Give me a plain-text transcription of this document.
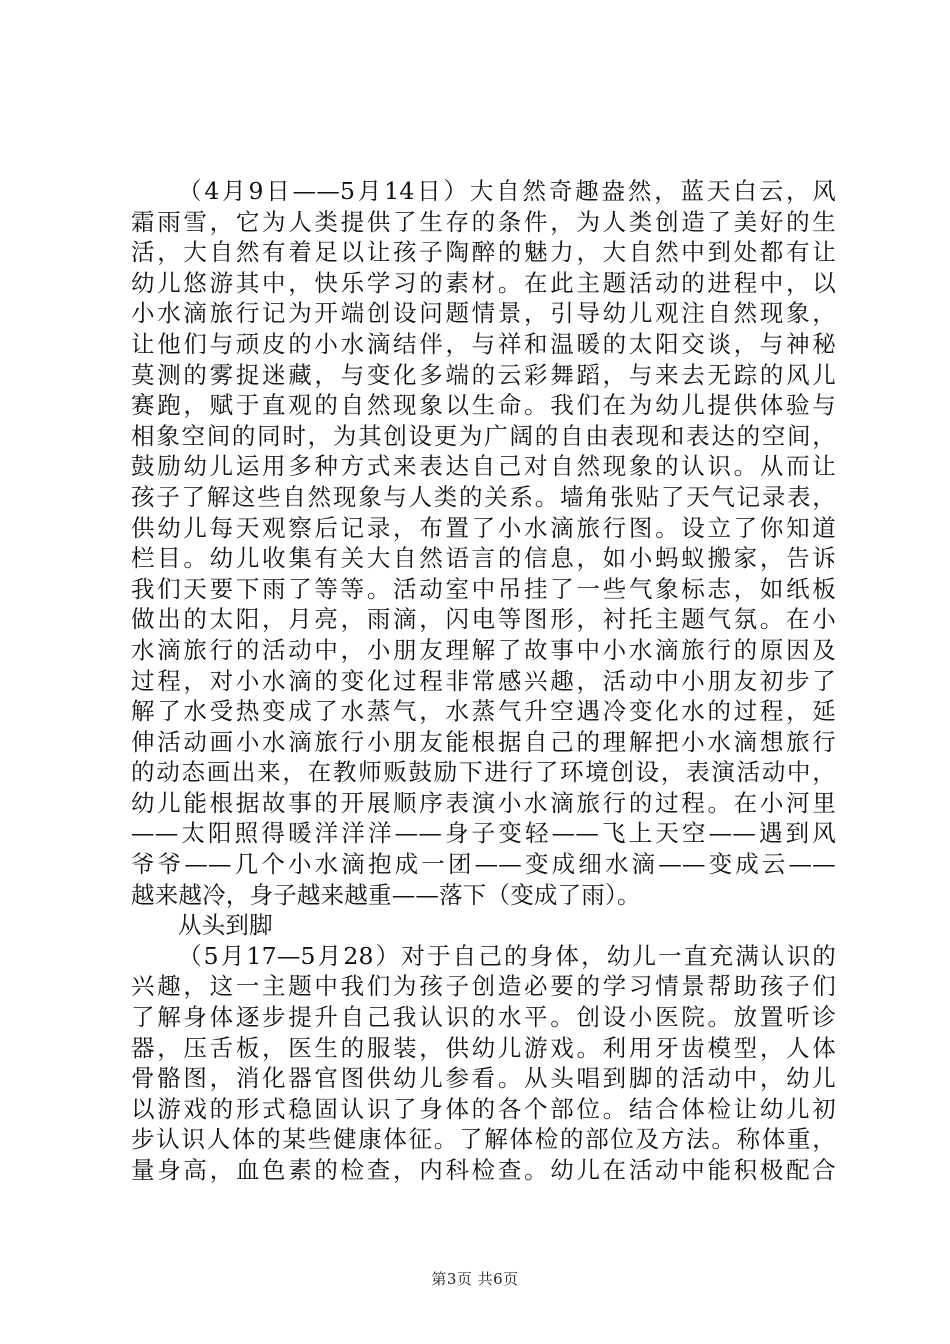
（4月9日——5月14日）大自然奇趣盎然，蓝天白云，风
霜雨雪，它为人类提供了生存的条件，为人类创造了美好的生
活，大自然有着足以让孩子陶醉的魅力，大自然中到处都有让
幼儿悠游其中，快乐学习的素材。在此主题活动的进程中，以
小水滴旅行记为开端创设问题情景，引导幼儿观注自然现象，
让他们与顽皮的小水滴结伴，与祥和温暖的太阳交谈，与神秘
莫测的雾捉迷藏，与变化多端的云彩舞蹈，与来去无踪的风儿
赛跑，赋于直观的自然现象以生命。我们在为幼儿提供体验与
相象空间的同时，为其创设更为广阔的自由表现和表达的空间，
鼓励幼儿运用多种方式来表达自己对自然现象的认识。从而让
孩子了解这些自然现象与人类的关系。墙角张贴了天气记录表，
供幼儿每天观察后记录，布置了小水滴旅行图。设立了你知道
栏目。幼儿收集有关大自然语言的信息，如小蚂蚁搬家，告诉
我们天要下雨了等等。活动室中吊挂了一些气象标志，如纸板
做出的太阳，月亮，雨滴，闪电等图形，衬托主题气氛。在小
水滴旅行的活动中，小朋友理解了故事中小水滴旅行的原因及
过程，对小水滴的变化过程非常感兴趣，活动中小朋友初步了
解了水受热变成了水蒸气，水蒸气升空遇冷变化水的过程，延
伸活动画小水滴旅行小朋友能根据自己的理解把小水滴想旅行
的动态画出来，在教师贩鼓励下进行了环境创设，表演活动中，
幼儿能根据故事的开展顺序表演小水滴旅行的过程。在小河里
——太阳照得暖洋洋洋——身子变轻——飞上天空——遇到风
爷爷——几个小水滴抱成一团——变成细水滴——变成云——
越来越冷，身子越来越重——落下（变成了雨）。
从头到脚
（5月17—5月28）对于自己的身体，幼儿一直充满认识的
兴趣，这一主题中我们为孩子创造必要的学习情景帮助孩子们
了解身体逐步提升自己我认识的水平。创设小医院。放置听诊
器，压舌板，医生的服装，供幼儿游戏。利用牙齿模型，人体
骨骼图，消化器官图供幼儿参看。从头唱到脚的活动中，幼儿
以游戏的形式稳固认识了身体的各个部位。结合体检让幼儿初
步认识人体的某些健康体征。了解体检的部位及方法。称体重，
量身高，血色素的检查，内科检查。幼儿在活动中能积极配合
第3页 共6页
